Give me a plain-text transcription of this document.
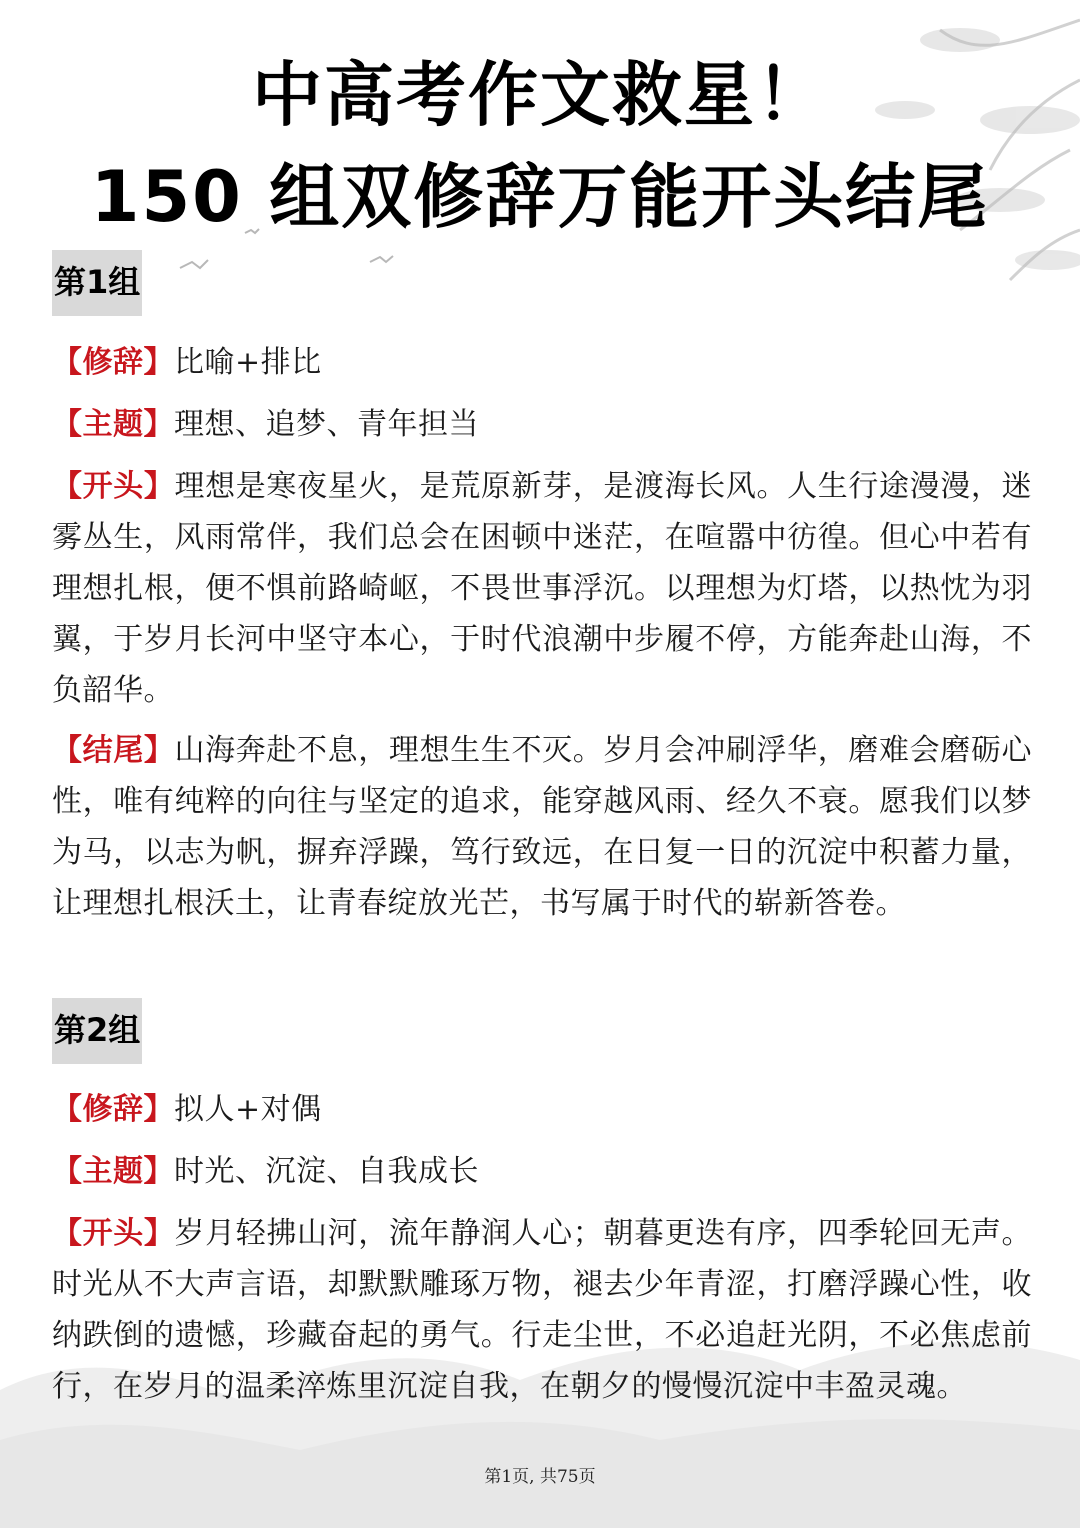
中高考作文救星！
150 组双修辞万能开头结尾
第1组
【修辞】比喻+排比
【主题】理想、追梦、青年担当
【开头】理想是寒夜星火，是荒原新芽，是渡海长风。人生行途漫漫，迷雾丛生，风雨常伴，我们总会在困顿中迷茫，在喧嚣中彷徨。但心中若有理想扎根，便不惧前路崎岖，不畏世事浮沉。以理想为灯塔，以热忱为羽翼，于岁月长河中坚守本心，于时代浪潮中步履不停，方能奔赴山海，不负韶华。
【结尾】山海奔赴不息，理想生生不灭。岁月会冲刷浮华，磨难会磨砺心性，唯有纯粹的向往与坚定的追求，能穿越风雨、经久不衰。愿我们以梦为马，以志为帆，摒弃浮躁，笃行致远，在日复一日的沉淀中积蓄力量，让理想扎根沃土，让青春绽放光芒，书写属于时代的崭新答卷。
第2组
【修辞】拟人+对偶
【主题】时光、沉淀、自我成长
【开头】岁月轻拂山河，流年静润人心；朝暮更迭有序，四季轮回无声。时光从不大声言语，却默默雕琢万物，褪去少年青涩，打磨浮躁心性，收纳跌倒的遗憾，珍藏奋起的勇气。行走尘世，不必追赶光阴，不必焦虑前行，在岁月的温柔淬炼里沉淀自我，在朝夕的慢慢沉淀中丰盈灵魂。
第1页, 共75页
